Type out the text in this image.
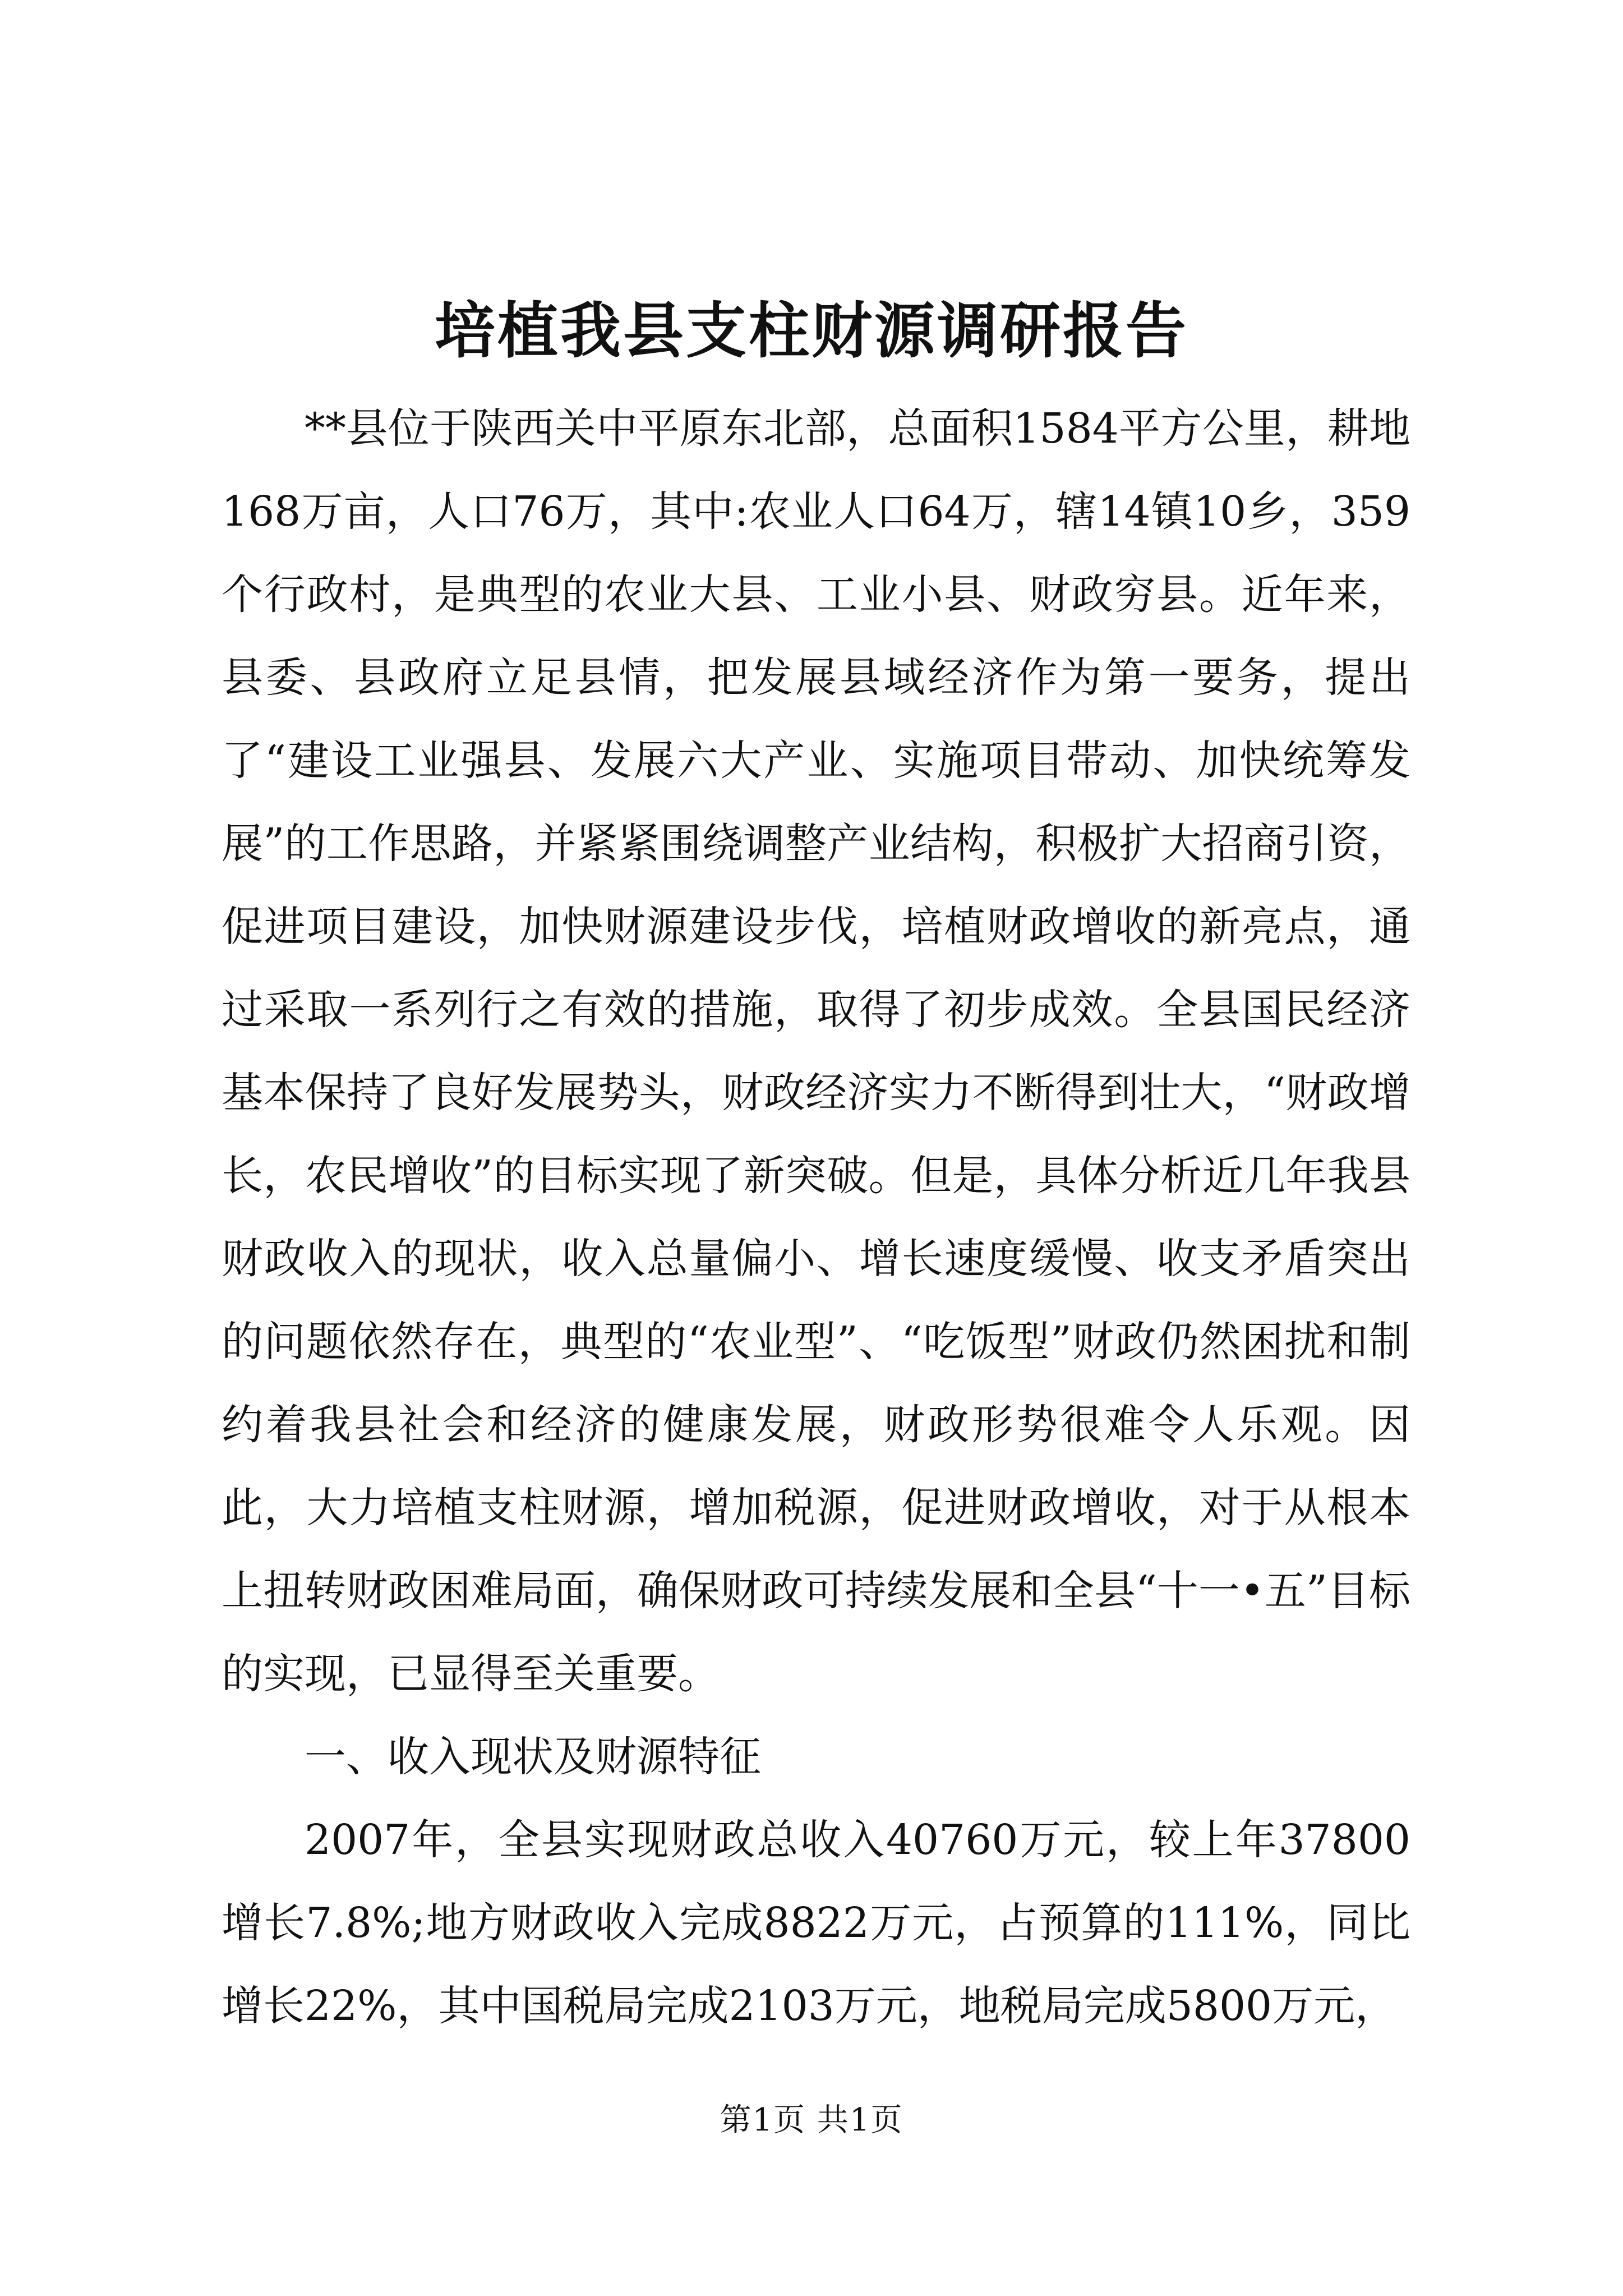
培植我县支柱财源调研报告

**县位于陕西关中平原东北部，总面积1584平方公里，耕地168万亩，人口76万，其中:农业人口64万，辖14镇10乡，359个行政村，是典型的农业大县、工业小县、财政穷县。近年来，县委、县政府立足县情，把发展县域经济作为第一要务，提出了“建设工业强县、发展六大产业、实施项目带动、加快统筹发展”的工作思路，并紧紧围绕调整产业结构，积极扩大招商引资，促进项目建设，加快财源建设步伐，培植财政增收的新亮点，通过采取一系列行之有效的措施，取得了初步成效。全县国民经济基本保持了良好发展势头，财政经济实力不断得到壮大，“财政增长，农民增收”的目标实现了新突破。但是，具体分析近几年我县财政收入的现状，收入总量偏小、增长速度缓慢、收支矛盾突出的问题依然存在，典型的“农业型”、“吃饭型”财政仍然困扰和制约着我县社会和经济的健康发展，财政形势很难令人乐观。因此，大力培植支柱财源，增加税源，促进财政增收，对于从根本上扭转财政困难局面，确保财政可持续发展和全县“十一•五”目标的实现，已显得至关重要。

一、收入现状及财源特征

2007年，全县实现财政总收入40760万元，较上年37800增长7.8%;地方财政收入完成8822万元，占预算的111%，同比增长22%，其中国税局完成2103万元，地税局完成5800万元，

第1页 共1页
